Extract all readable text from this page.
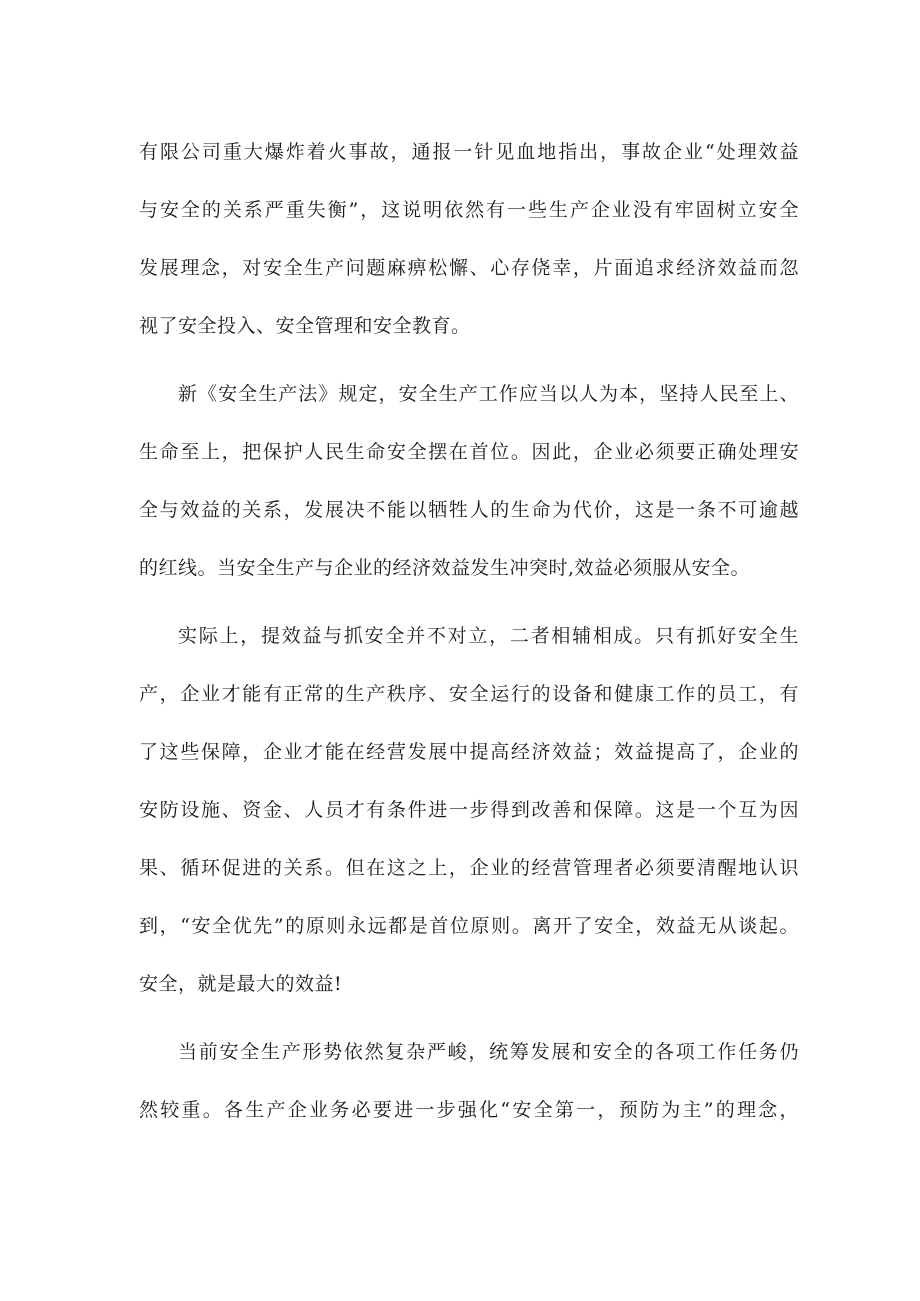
有限公司重大爆炸着火事故，通报一针见血地指出，事故企业“处理效益
与安全的关系严重失衡”，这说明依然有一些生产企业没有牢固树立安全
发展理念，对安全生产问题麻痹松懈、心存侥幸，片面追求经济效益而忽
视了安全投入、安全管理和安全教育。
新《安全生产法》规定，安全生产工作应当以人为本，坚持人民至上、
生命至上，把保护人民生命安全摆在首位。因此，企业必须要正确处理安
全与效益的关系，发展决不能以牺牲人的生命为代价，这是一条不可逾越
的红线。当安全生产与企业的经济效益发生冲突时,效益必须服从安全。
实际上，提效益与抓安全并不对立，二者相辅相成。只有抓好安全生
产，企业才能有正常的生产秩序、安全运行的设备和健康工作的员工，有
了这些保障，企业才能在经营发展中提高经济效益；效益提高了，企业的
安防设施、资金、人员才有条件进一步得到改善和保障。这是一个互为因
果、循环促进的关系。但在这之上，企业的经营管理者必须要清醒地认识
到，“安全优先”的原则永远都是首位原则。离开了安全，效益无从谈起。
安全，就是最大的效益!
当前安全生产形势依然复杂严峻，统筹发展和安全的各项工作任务仍
然较重。各生产企业务必要进一步强化“安全第一，预防为主”的理念，
